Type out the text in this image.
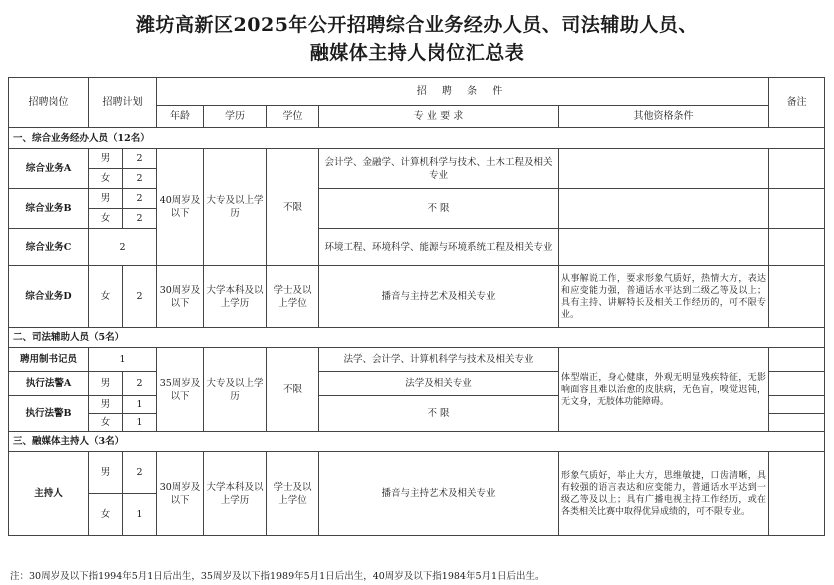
潍坊高新区2025年公开招聘综合业务经办人员、司法辅助人员、
融媒体主持人岗位汇总表
招聘岗位	招聘计划		招 聘 条 件					备注
			年龄	学历	学位	专 业 要 求	其他资格条件	
一、综合业务经办人员（12名）								
综合业务A	男	2	40周岁及以下	大专及以上学历	不限	会计学、金融学、计算机科学与技术、土木工程及相关专业		
	女	2						
综合业务B	男	2				不 限		
	女	2						
综合业务C	2					环境工程、环境科学、能源与环境系统工程及相关专业		

综合业务D	女	2	30周岁及以下	大学本科及以上学历	学士及以上学位	播音与主持艺术及相关专业	从事解说工作，要求形象气质好，热情大方，表达和应变能力强，普通话水平达到二级乙等及以上；具有主持、讲解特长及相关工作经历的，可不限专业。	
二、司法辅助人员（5名）								
聘用制书记员	1		35周岁及以下	大专及以上学历	不限	法学、会计学、计算机科学与技术及相关专业	体型端正，身心健康，外观无明显残疾特征，无影响面容且难以治愈的皮肤病，无色盲，嗅觉迟钝，无文身，无肢体功能障碍。	
执行法警A	男	2				法学及相关专业		
执行法警B	男	1				不 限		
	女	1						
三、融媒体主持人（3名）								
主持人	男	2	30周岁及以下	大学本科及以上学历	学士及以上学位	播音与主持艺术及相关专业	形象气质好，举止大方，思维敏捷，口齿清晰，具有较强的语言表达和应变能力，普通话水平达到一级乙等及以上；具有广播电视主持工作经历，或在各类相关比赛中取得优异成绩的，可不限专业。	
	女	1						
注：30周岁及以下指1994年5月1日后出生，35周岁及以下指1989年5月1日后出生，40周岁及以下指1984年5月1日后出生。
